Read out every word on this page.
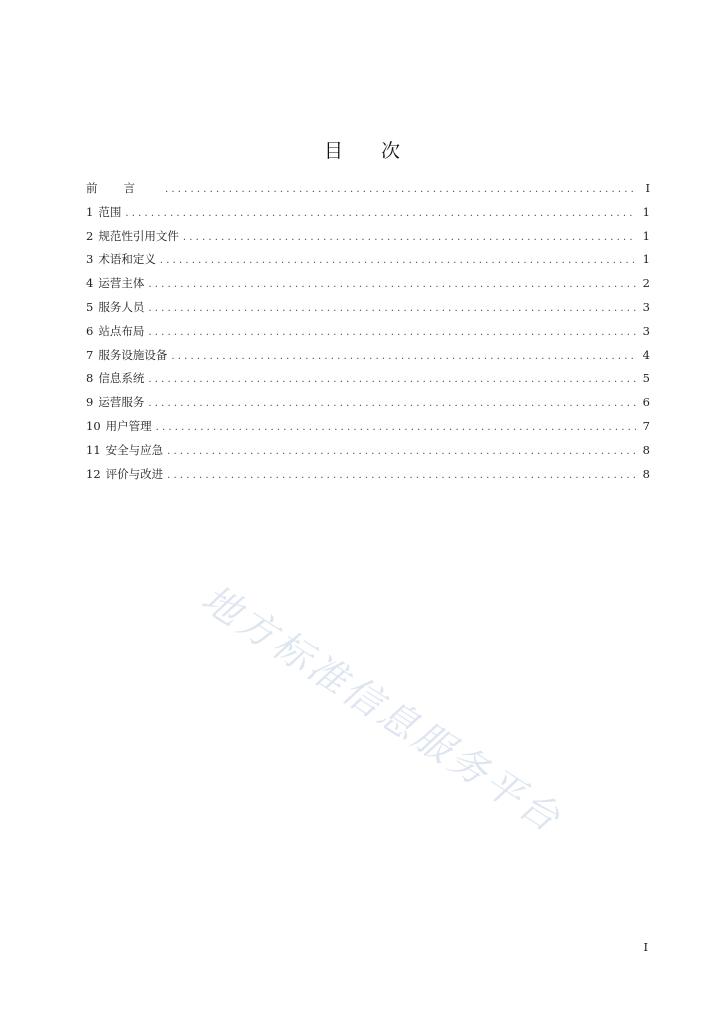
目 次
前言 .....	I
1 范围 .....	1
2 规范性引用文件 .....	1
3 术语和定义 .....	1
4 运营主体 .....	2
5 服务人员 .....	3
6 站点布局 .....	3
7 服务设施设备 .....	4
8 信息系统 .....	5
9 运营服务 .....	6
10 用户管理 .....	7
11 安全与应急 .....	8
12 评价与改进 .....	8
地方标准信息服务平台
I
